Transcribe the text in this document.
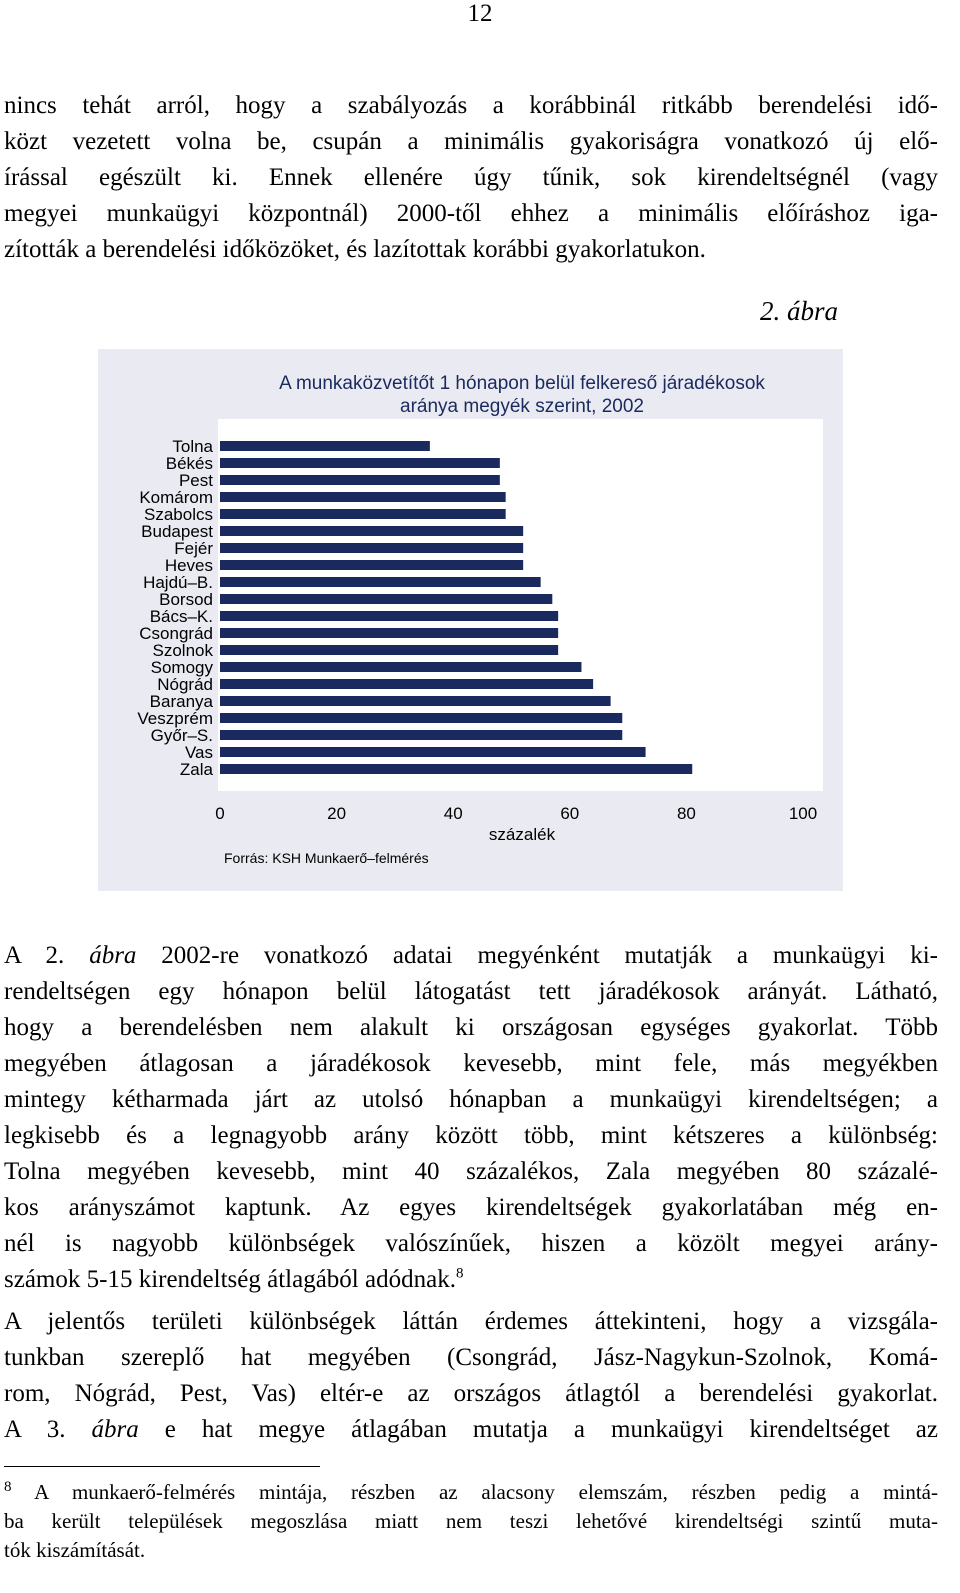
12

nincs tehát arról, hogy a szabályozás a korábbinál ritkább berendelési idő-
közt vezetett volna be, csupán a minimális gyakoriságra vonatkozó új elő-
írással egészült ki. Ennek ellenére úgy tűnik, sok kirendeltségnél (vagy
megyei munkaügyi központnál) 2000-től ehhez a minimális előíráshoz iga-
zították a berendelési időközöket, és lazítottak korábbi gyakorlatukon.

2. ábra
A munkaközvetítőt 1 hónapon belül felkereső járadékosok
aránya megyék szerint, 2002
Tolna
Békés
Pest
Komárom
Szabolcs
Budapest
Fejér
Heves
Hajdú–B.
Borsod
Bács–K.
Csongrád
Szolnok
Somogy
Nógrád
Baranya
Veszprém
Győr–S.
Vas
Zala
0	20	40	60	80	100
százalék
Forrás: KSH Munkaerő–felmérés

A 2. ábra 2002-re vonatkozó adatai megyénként mutatják a munkaügyi ki-
rendeltségen egy hónapon belül látogatást tett járadékosok arányát. Látható,
hogy a berendelésben nem alakult ki országosan egységes gyakorlat. Több
megyében átlagosan a járadékosok kevesebb, mint fele, más megyékben
mintegy kétharmada járt az utolsó hónapban a munkaügyi kirendeltségen; a
legkisebb és a legnagyobb arány között több, mint kétszeres a különbség:
Tolna megyében kevesebb, mint 40 százalékos, Zala megyében 80 százalé-
kos arányszámot kaptunk. Az egyes kirendeltségek gyakorlatában még en-
nél is nagyobb különbségek valószínűek, hiszen a közölt megyei arány-
számok 5-15 kirendeltség átlagából adódnak.$^8$

A jelentős területi különbségek láttán érdemes áttekinteni, hogy a vizsgála-
tunkban szereplő hat megyében (Csongrád, Jász-Nagykun-Szolnok, Komá-
rom, Nógrád, Pest, Vas) eltér-e az országos átlagtól a berendelési gyakorlat.
A 3. ábra e hat megye átlagában mutatja a munkaügyi kirendeltséget az

$^8$ A munkaerő-felmérés mintája, részben az alacsony elemszám, részben pedig a mintá-
ba került települések megoszlása miatt nem teszi lehetővé kirendeltségi szintű muta-
tók kiszámítását.
